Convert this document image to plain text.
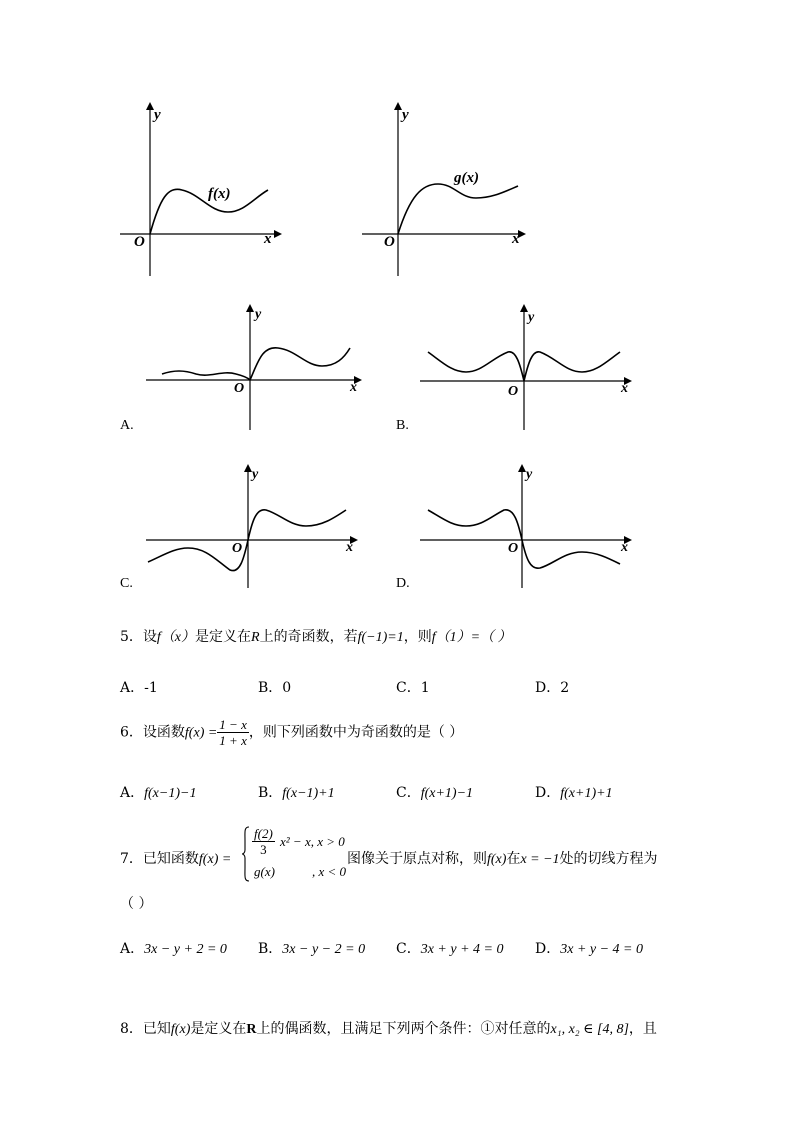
y
x
O
f(x)
y
x
O
g(x)
y
x
O
A.
y
x
O
B.
y
x
O
C.
y
x
O
D.
5．设f（x）是定义在R上的奇函数，若f(−1)=1，则f（1）=（ ）
A．-1	B．0	C．1	D．2
6．设函数$f(x) = \frac{1 - x}{1 + x}$ ，则下列函数中为奇函数的是（ ）
A．f(x−1)−1	B．f(x−1)+1	C．f(x+1)−1	D．f(x+1)+1
7．已知函数f(x) =
$\frac{f(2)}{3} x^2 - x$, x > 0
g(x)	, x < 0
图像关于原点对称，则f(x)在x = −1处的切线方程为
（ ）
A．3x − y + 2 = 0 B．3x − y − 2 = 0 C．3x + y + 4 = 0 D．3x + y − 4 = 0
8．已知f(x)是定义在R上的偶函数，且满足下列两个条件：①对任意的x₁, x₂ ∈ [4, 8]，且
